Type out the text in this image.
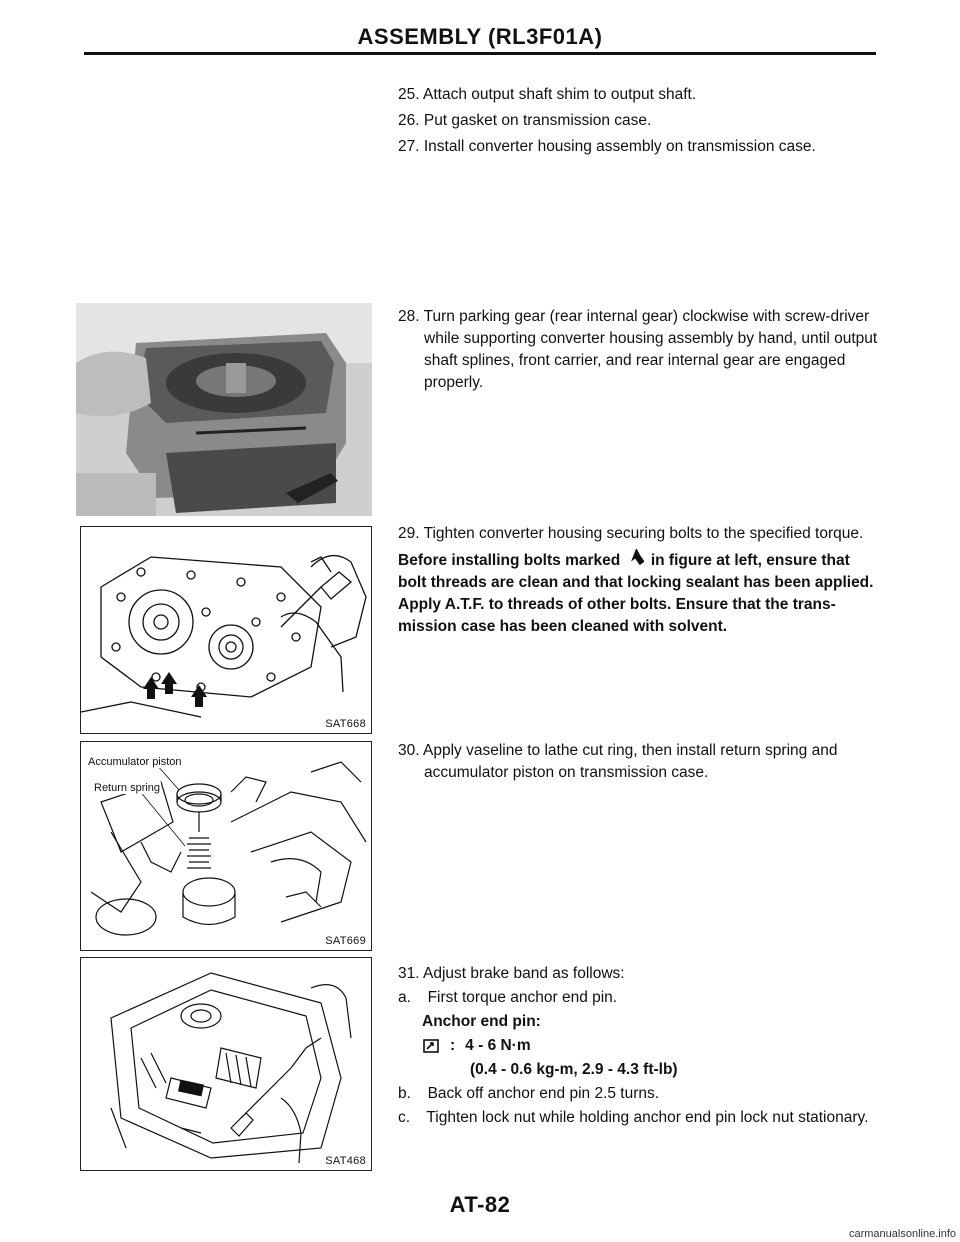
ASSEMBLY (RL3F01A)

25. Attach output shaft shim to output shaft.

26. Put gasket on transmission case.

27. Install converter housing assembly on transmission case.

28. Turn parking gear (rear internal gear) clockwise with screw-driver while supporting converter housing assembly by hand, until output shaft splines, front carrier, and rear internal gear are engaged properly.

SAT668

29. Tighten converter housing securing bolts to the specified torque.

Before installing bolts marked in figure at left, ensure that bolt threads are clean and that locking sealant has been applied.

Apply A.T.F. to threads of other bolts. Ensure that the trans-mission case has been cleaned with solvent.

Accumulator piston
Return spring
SAT669

30. Apply vaseline to lathe cut ring, then install return spring and accumulator piston on transmission case.

SAT468

31. Adjust brake band as follows:

a. First torque anchor end pin.

Anchor end pin:

: 4 - 6 N·m

(0.4 - 0.6 kg-m, 2.9 - 4.3 ft-lb)

b. Back off anchor end pin 2.5 turns.

c. Tighten lock nut while holding anchor end pin lock nut stationary.

AT-82
carmanualsonline.info
